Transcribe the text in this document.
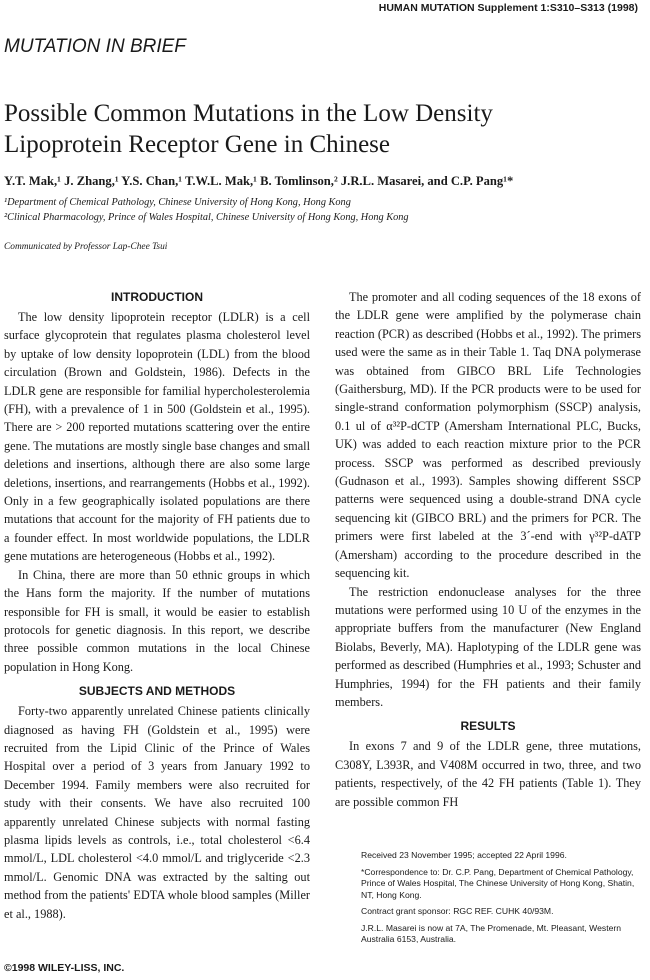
HUMAN MUTATION Supplement 1:S310–S313 (1998)
MUTATION IN BRIEF
Possible Common Mutations in the Low Density
Lipoprotein Receptor Gene in Chinese
Y.T. Mak,¹ J. Zhang,¹ Y.S. Chan,¹ T.W.L. Mak,¹ B. Tomlinson,² J.R.L. Masarei, and C.P. Pang¹*
¹Department of Chemical Pathology, Chinese University of Hong Kong, Hong Kong
²Clinical Pharmacology, Prince of Wales Hospital, Chinese University of Hong Kong, Hong Kong
Communicated by Professor Lap-Chee Tsui
INTRODUCTION

The low density lipoprotein receptor (LDLR) is a cell surface glycoprotein that regulates plasma cholesterol level by uptake of low density lopoprotein (LDL) from the blood circulation (Brown and Goldstein, 1986). Defects in the LDLR gene are responsible for familial hypercholesterolemia (FH), with a prevalence of 1 in 500 (Goldstein et al., 1995). There are > 200 reported mutations scattering over the entire gene. The mutations are mostly single base changes and small deletions and insertions, although there are also some large deletions, insertions, and rearrangements (Hobbs et al., 1992). Only in a few geographically isolated populations are there mutations that account for the majority of FH patients due to a founder effect. In most worldwide populations, the LDLR gene mutations are heterogeneous (Hobbs et al., 1992).

In China, there are more than 50 ethnic groups in which the Hans form the majority. If the number of mutations responsible for FH is small, it would be easier to establish protocols for genetic diagnosis. In this report, we describe three possible common mutations in the local Chinese population in Hong Kong.

SUBJECTS AND METHODS

Forty-two apparently unrelated Chinese patients clinically diagnosed as having FH (Goldstein et al., 1995) were recruited from the Lipid Clinic of the Prince of Wales Hospital over a period of 3 years from January 1992 to December 1994. Family members were also recruited for study with their consents. We have also recruited 100 apparently unrelated Chinese subjects with normal fasting plasma lipids levels as controls, i.e., total cholesterol <6.4 mmol/L, LDL cholesterol <4.0 mmol/L and triglyceride <2.3 mmol/L. Genomic DNA was extracted by the salting out method from the patients' EDTA whole blood samples (Miller et al., 1988).

The promoter and all coding sequences of the 18 exons of the LDLR gene were amplified by the polymerase chain reaction (PCR) as described (Hobbs et al., 1992). The primers used were the same as in their Table 1. Taq DNA polymerase was obtained from GIBCO BRL Life Technologies (Gaithersburg, MD). If the PCR products were to be used for single-strand conformation polymorphism (SSCP) analysis, 0.1 ul of α³²P-dCTP (Amersham International PLC, Bucks, UK) was added to each reaction mixture prior to the PCR process. SSCP was performed as described previously (Gudnason et al., 1993). Samples showing different SSCP patterns were sequenced using a double-strand DNA cycle sequencing kit (GIBCO BRL) and the primers for PCR. The primers were first labeled at the 3´-end with γ³²P-dATP (Amersham) according to the procedure described in the sequencing kit.

The restriction endonuclease analyses for the three mutations were performed using 10 U of the enzymes in the appropriate buffers from the manufacturer (New England Biolabs, Beverly, MA). Haplotyping of the LDLR gene was performed as described (Humphries et al., 1993; Schuster and Humphries, 1994) for the FH patients and their family members.

RESULTS

In exons 7 and 9 of the LDLR gene, three mutations, C308Y, L393R, and V408M occurred in two, three, and two patients, respectively, of the 42 FH patients (Table 1). They are possible common FH

Received 23 November 1995; accepted 22 April 1996.

*Correspondence to: Dr. C.P. Pang, Department of Chemical Pathology, Prince of Wales Hospital, The Chinese University of Hong Kong, Shatin, NT, Hong Kong.

Contract grant sponsor: RGC REF. CUHK 40/93M.

J.R.L. Masarei is now at 7A, The Promenade, Mt. Pleasant, Western Australia 6153, Australia.

©1998 WILEY-LISS, INC.
